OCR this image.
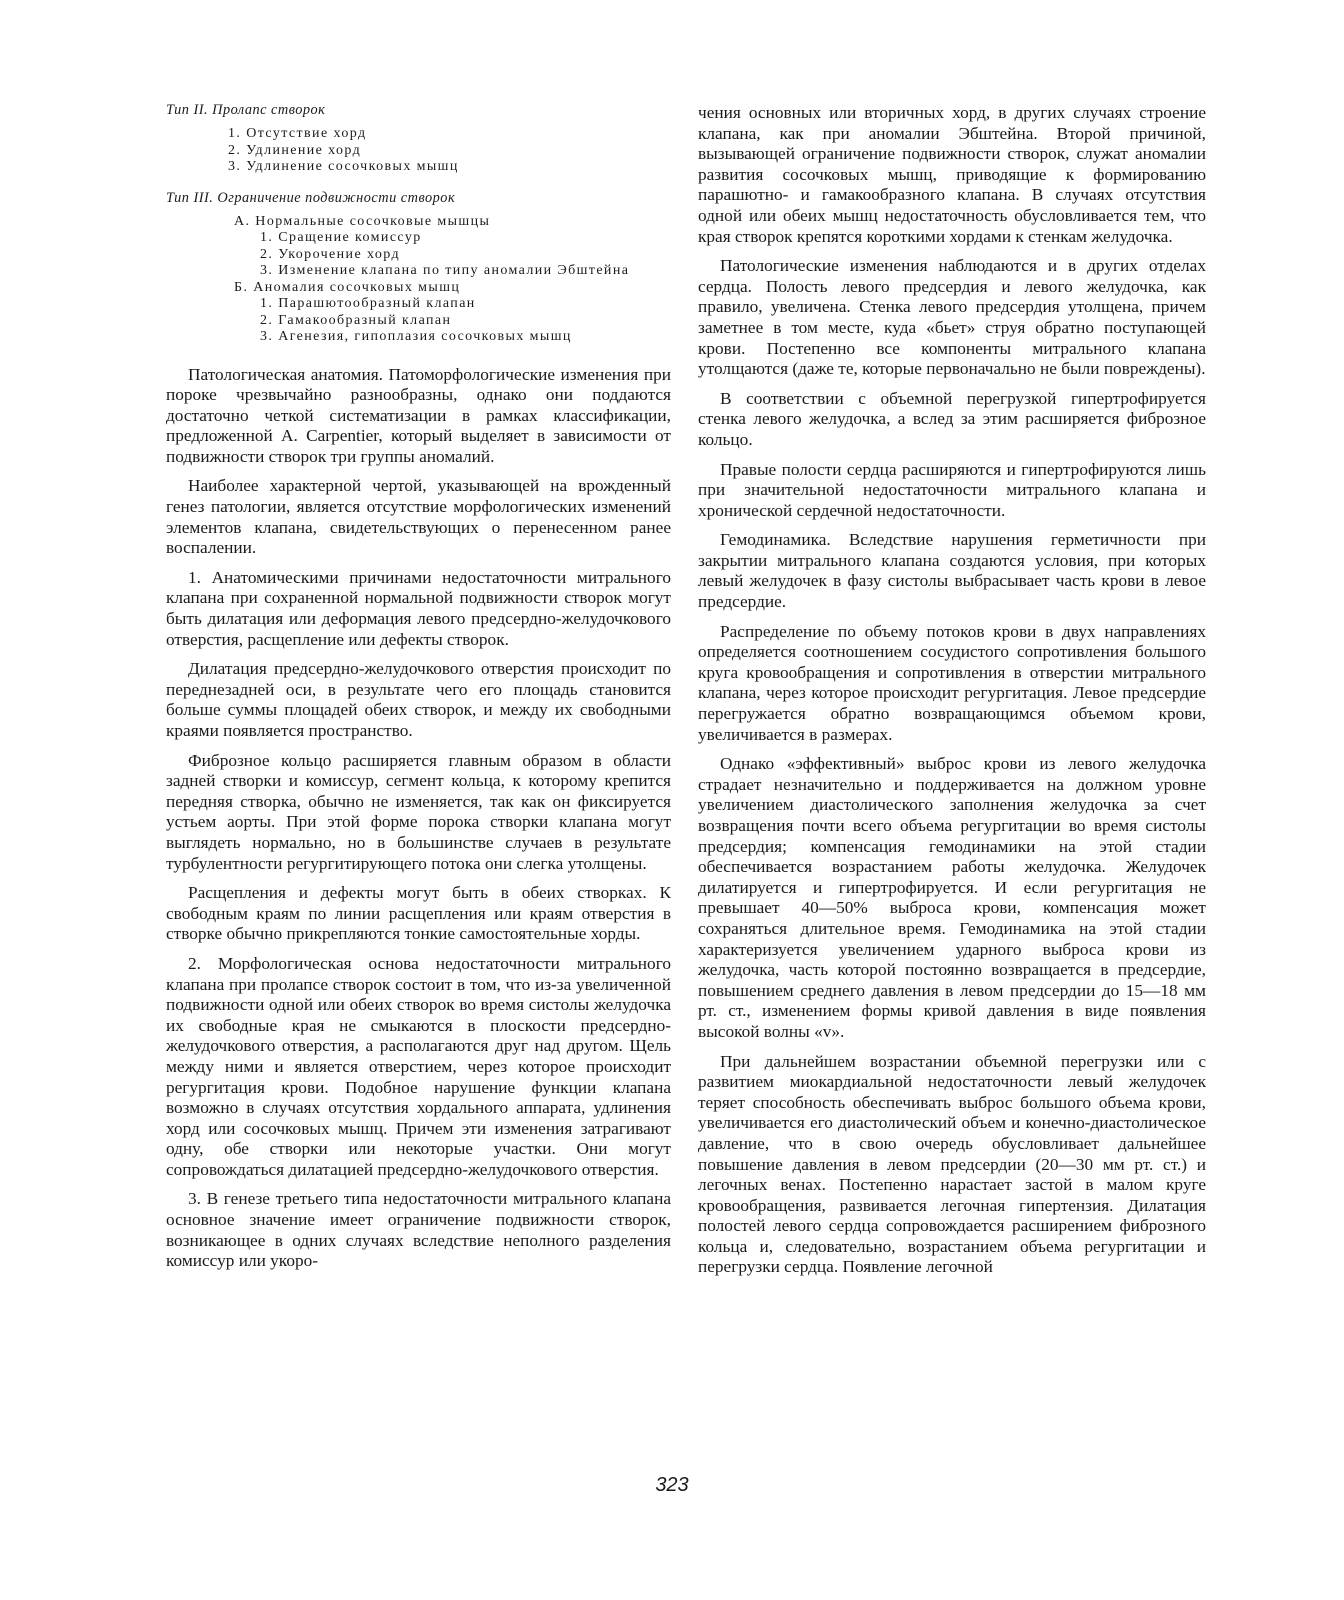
Тип II. Пролапс створок
1. Отсутствие хорд
2. Удлинение хорд
3. Удлинение сосочковых мышц
Тип III. Ограничение подвижности створок
А. Нормальные сосочковые мышцы
1. Сращение комиссур
2. Укорочение хорд
3. Изменение клапана по типу аномалии Эбштейна
Б. Аномалия сосочковых мышц
1. Парашютообразный клапан
2. Гамакообразный клапан
3. Агенезия, гипоплазия сосочковых мышц

Патологическая анатомия. Патоморфологические изменения при пороке чрезвычайно разнообразны, однако они поддаются достаточно четкой систематизации в рамках классификации, предложенной A. Carpentier, который выделяет в зависимости от подвижности створок три группы аномалий.

Наиболее характерной чертой, указывающей на врожденный генез патологии, является отсутствие морфологических изменений элементов клапана, свидетельствующих о перенесенном ранее воспалении.

1. Анатомическими причинами недостаточности митрального клапана при сохраненной нормальной подвижности створок могут быть дилатация или деформация левого предсердно-желудочкового отверстия, расщепление или дефекты створок.

Дилатация предсердно-желудочкового отверстия происходит по переднезадней оси, в результате чего его площадь становится больше суммы площадей обеих створок, и между их свободными краями появляется пространство.

Фиброзное кольцо расширяется главным образом в области задней створки и комиссур, сегмент кольца, к которому крепится передняя створка, обычно не изменяется, так как он фиксируется устьем аорты. При этой форме порока створки клапана могут выглядеть нормально, но в большинстве случаев в результате турбулентности регургитирующего потока они слегка утолщены.

Расщепления и дефекты могут быть в обеих створках. К свободным краям по линии расщепления или краям отверстия в створке обычно прикрепляются тонкие самостоятельные хорды.

2. Морфологическая основа недостаточности митрального клапана при пролапсе створок состоит в том, что из-за увеличенной подвижности одной или обеих створок во время систолы желудочка их свободные края не смыкаются в плоскости предсердно-желудочкового отверстия, а располагаются друг над другом. Щель между ними и является отверстием, через которое происходит регургитация крови. Подобное нарушение функции клапана возможно в случаях отсутствия хордального аппарата, удлинения хорд или сосочковых мышц. Причем эти изменения затрагивают одну, обе створки или некоторые участки. Они могут сопровождаться дилатацией предсердно-желудочкового отверстия.

3. В генезе третьего типа недостаточности митрального клапана основное значение имеет ограничение подвижности створок, возникающее в одних случаях вследствие неполного разделения комиссур или укоро-

чения основных или вторичных хорд, в других случаях строение клапана, как при аномалии Эбштейна. Второй причиной, вызывающей ограничение подвижности створок, служат аномалии развития сосочковых мышц, приводящие к формированию парашютно- и гамакообразного клапана. В случаях отсутствия одной или обеих мышц недостаточность обусловливается тем, что края створок крепятся короткими хордами к стенкам желудочка.

Патологические изменения наблюдаются и в других отделах сердца. Полость левого предсердия и левого желудочка, как правило, увеличена. Стенка левого предсердия утолщена, причем заметнее в том месте, куда «бьет» струя обратно поступающей крови. Постепенно все компоненты митрального клапана утолщаются (даже те, которые первоначально не были повреждены).

В соответствии с объемной перегрузкой гипертрофируется стенка левого желудочка, а вслед за этим расширяется фиброзное кольцо.

Правые полости сердца расширяются и гипертрофируются лишь при значительной недостаточности митрального клапана и хронической сердечной недостаточности.

Гемодинамика. Вследствие нарушения герметичности при закрытии митрального клапана создаются условия, при которых левый желудочек в фазу систолы выбрасывает часть крови в левое предсердие.

Распределение по объему потоков крови в двух направлениях определяется соотношением сосудистого сопротивления большого круга кровообращения и сопротивления в отверстии митрального клапана, через которое происходит регургитация. Левое предсердие перегружается обратно возвращающимся объемом крови, увеличивается в размерах.

Однако «эффективный» выброс крови из левого желудочка страдает незначительно и поддерживается на должном уровне увеличением диастолического заполнения желудочка за счет возвращения почти всего объема регургитации во время систолы предсердия; компенсация гемодинамики на этой стадии обеспечивается возрастанием работы желудочка. Желудочек дилатируется и гипертрофируется. И если регургитация не превышает 40—50% выброса крови, компенсация может сохраняться длительное время. Гемодинамика на этой стадии характеризуется увеличением ударного выброса крови из желудочка, часть которой постоянно возвращается в предсердие, повышением среднего давления в левом предсердии до 15—18 мм рт. ст., изменением формы кривой давления в виде появления высокой волны «v».

При дальнейшем возрастании объемной перегрузки или с развитием миокардиальной недостаточности левый желудочек теряет способность обеспечивать выброс большого объема крови, увеличивается его диастолический объем и конечно-диастолическое давление, что в свою очередь обусловливает дальнейшее повышение давления в левом предсердии (20—30 мм рт. ст.) и легочных венах. Постепенно нарастает застой в малом круге кровообращения, развивается легочная гипертензия. Дилатация полостей левого сердца сопровождается расширением фиброзного кольца и, следовательно, возрастанием объема регургитации и перегрузки сердца. Появление легочной

323
